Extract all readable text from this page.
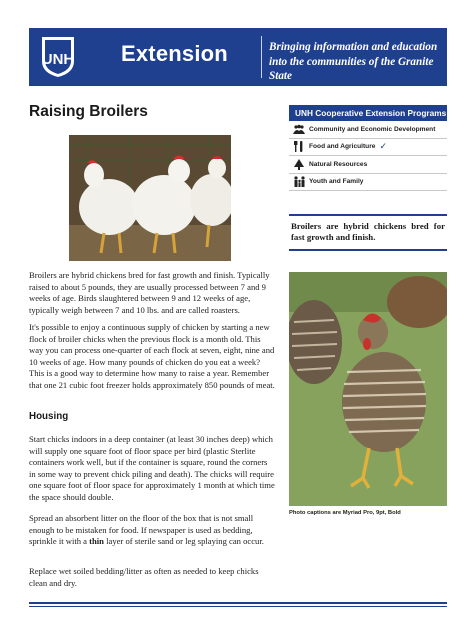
UNH Extension	Bringing information and education into the communities of the Granite State
Raising Broilers
Broilers are hybrid chickens bred for fast growth and finish. Typically raised to about 5 pounds, they are usually processed between 7 and 9 weeks of age. Birds slaughtered between 9 and 12 weeks of age, typically weigh between 7 and 10 lbs. and are called roasters.
It's possible to enjoy a continuous supply of chicken by starting a new flock of broiler chicks when the previous flock is a month old. This way you can process one-quarter of each flock at seven, eight, nine and 10 weeks of age. How many pounds of chicken do you eat a week? This is a good way to determine how many to raise a year. Remember that one 21 cubic foot freezer holds approximately 850 pounds of meat.
Housing
Start chicks indoors in a deep container (at least 30 inches deep) which will supply one square foot of floor space per bird (plastic Sterlite containers work well, but if the container is square, round the corners in some way to prevent chick piling and death). The chicks will require one square foot of floor space for approximately 1 month at which time the space should double.
Spread an absorbent litter on the floor of the box that is not small enough to be mistaken for food. If newspaper is used as bedding, sprinkle it with a thin layer of sterile sand or leg splaying can occur.
Replace wet soiled bedding/litter as often as needed to keep chicks clean and dry.
UNH Cooperative Extension Programs
Community and Economic Development
Food and Agriculture ✓
Natural Resources
Youth and Family
Broilers are hybrid chickens bred for fast growth and finish.
Photo captions are Myriad Pro, 9pt, Bold
